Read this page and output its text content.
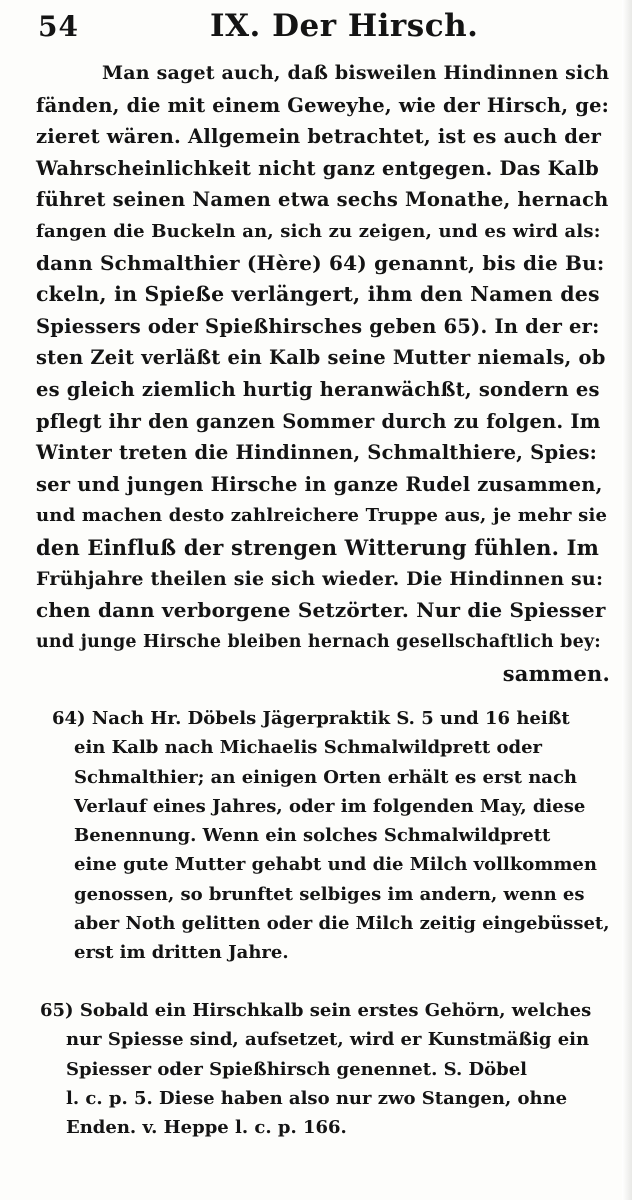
54	IX. Der Hirsch.
Man saget auch, daß bisweilen Hindinnen sich
fänden, die mit einem Geweyhe, wie der Hirsch, ge:
zieret wären. Allgemein betrachtet, ist es auch der
Wahrscheinlichkeit nicht ganz entgegen. Das Kalb
führet seinen Namen etwa sechs Monathe, hernach
fangen die Buckeln an, sich zu zeigen, und es wird als:
dann Schmalthier (Hère) 64) genannt, bis die Bu:
ckeln, in Spieße verlängert, ihm den Namen des
Spiessers oder Spießhirsches geben 65). In der er:
sten Zeit verläßt ein Kalb seine Mutter niemals, ob
es gleich ziemlich hurtig heranwächßt, sondern es
pflegt ihr den ganzen Sommer durch zu folgen. Im
Winter treten die Hindinnen, Schmalthiere, Spies:
ser und jungen Hirsche in ganze Rudel zusammen,
und machen desto zahlreichere Truppe aus, je mehr sie
den Einfluß der strengen Witterung fühlen. Im
Frühjahre theilen sie sich wieder. Die Hindinnen su:
chen dann verborgene Setzörter. Nur die Spiesser
und junge Hirsche bleiben hernach gesellschaftlich bey:
sammen.
64) Nach Hr. Döbels Jägerpraktik S. 5 und 16 heißt
ein Kalb nach Michaelis Schmalwildprett oder
Schmalthier; an einigen Orten erhält es erst nach
Verlauf eines Jahres, oder im folgenden May, diese
Benennung. Wenn ein solches Schmalwildprett
eine gute Mutter gehabt und die Milch vollkommen
genossen, so brunftet selbiges im andern, wenn es
aber Noth gelitten oder die Milch zeitig eingebüsset,
erst im dritten Jahre.
65) Sobald ein Hirschkalb sein erstes Gehörn, welches
nur Spiesse sind, aufsetzet, wird er Kunstmäßig ein
Spiesser oder Spießhirsch genennet. S. Döbel
l. c. p. 5. Diese haben also nur zwo Stangen, ohne
Enden. v. Heppe l. c. p. 166.
